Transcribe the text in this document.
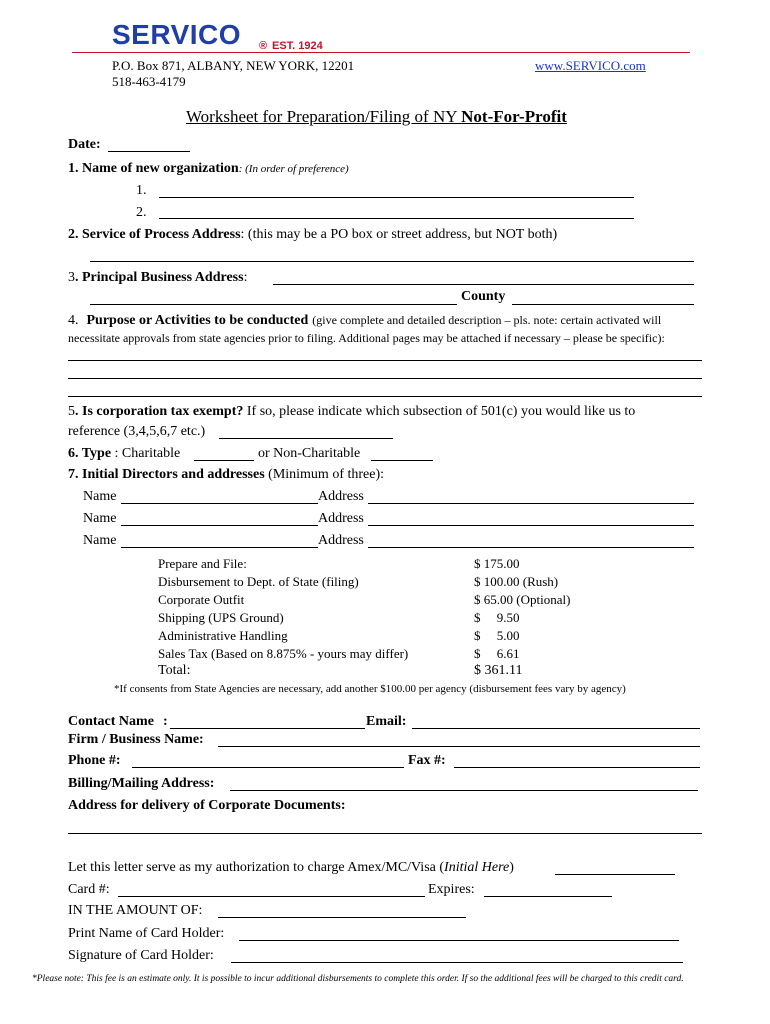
SERVICO ® EST. 1924
P.O. Box 871, ALBANY, NEW YORK, 12201
518-463-4179
www.SERVICO.com
Worksheet for Preparation/Filing of NY Not-For-Profit
Date:
1. Name of new organization: (In order of preference)
1.
2.
2. Service of Process Address: (this may be a PO box or street address, but NOT both)
3. Principal Business Address:
County
4. Purpose or Activities to be conducted (give complete and detailed description – pls. note: certain activated will
necessitate approvals from state agencies prior to filing. Additional pages may be attached if necessary – please be specific):
5. Is corporation tax exempt? If so, please indicate which subsection of 501(c) you would like us to
reference (3,4,5,6,7 etc.)
6. Type : Charitable	or Non-Charitable
7. Initial Directors and addresses (Minimum of three):
Name	Address
Name	Address
Name	Address
Prepare and File:	$ 175.00
Disbursement to Dept. of State (filing)	$ 100.00 (Rush)
Corporate Outfit	$ 65.00 (Optional)
Shipping (UPS Ground)	$     9.50
Administrative Handling	$     5.00
Sales Tax (Based on 8.875% - yours may differ)	$     6.61
Total:	$ 361.11
*If consents from State Agencies are necessary, add another $100.00 per agency (disbursement fees vary by agency)
Contact Name :	Email:
Firm / Business Name:
Phone #:	Fax #:
Billing/Mailing Address:
Address for delivery of Corporate Documents:
Let this letter serve as my authorization to charge Amex/MC/Visa (Initial Here)
Card #:	Expires:
IN THE AMOUNT OF:
Print Name of Card Holder:
Signature of Card Holder:
*Please note: This fee is an estimate only. It is possible to incur additional disbursements to complete this order. If so the additional fees will be charged to this credit card.
